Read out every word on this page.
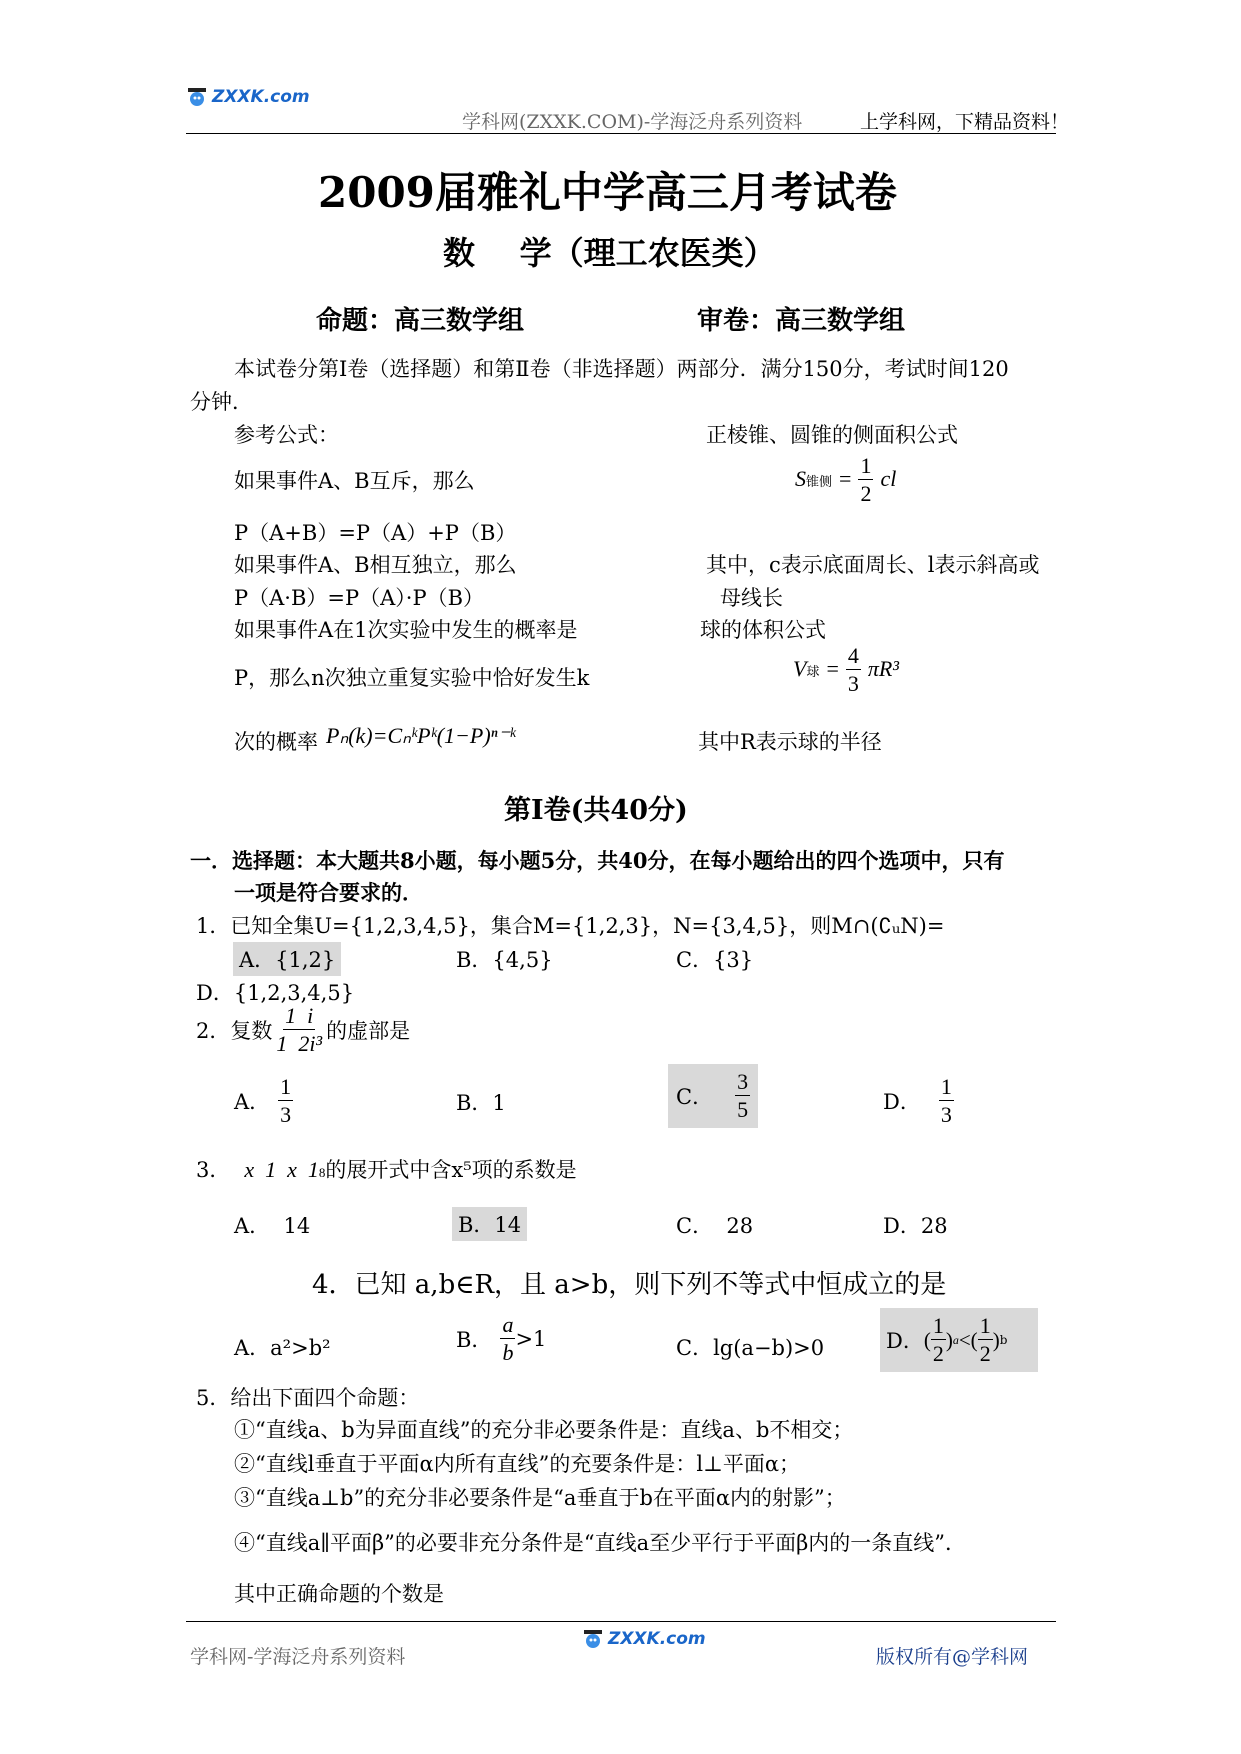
ZXXK.com
学科网(ZXXK.COM)-学海泛舟系列资料	上学科网，下精品资料！
2009届雅礼中学高三月考试卷
数    学（理工农医类）
命题：高三数学组	审卷：高三数学组
本试卷分第Ⅰ卷（选择题）和第Ⅱ卷（非选择题）两部分．满分150分，考试时间120
分钟．
参考公式：	正棱锥、圆锥的侧面积公式
如果事件A、B互斥，那么	S锥侧 = $\frac{1}{2}$ cl
P（A+B）=P（A）+P（B）
如果事件A、B相互独立，那么	其中，c表示底面周长、l表示斜高或
P（A·B）=P（A）·P（B）	母线长
如果事件A在1次实验中发生的概率是	球的体积公式
P，那么n次独立重复实验中恰好发生k	V球 = $\frac{4}{3} \pi R^3$
次的概率 Pₙ(k)=CₙᵏPᵏ(1−P)ⁿ⁻ᵏ	其中R表示球的半径
第Ⅰ卷(共40分)
一．选择题：本大题共8小题，每小题5分，共40分，在每小题给出的四个选项中，只有
一项是符合要求的．
1．已知全集U={1,2,3,4,5}，集合M={1,2,3}，N={3,4,5}，则M∩(∁ᵤN)=
A．{1,2}	B．{4,5}	C．{3}
D．{1,2,3,4,5}
2．复数 $\frac{1 i}{\text{1  2i³}}$ 的虚部是
A． $\frac{1}{3}$	B．1	C． $\frac{3}{5}$	D． $\frac{1}{3}$
3． x  1  x  1 8 的展开式中含x⁵项的系数是
A．  14	B．14	C．  28	D．28
4．已知 a,b∈R，且 a>b，则下列不等式中恒成立的是
A．a²>b²	B． $\frac{a}{b} >1$	C．lg(a−b)>0	D． ( $\frac{1}{2}$ ) a <( $\frac{1}{2}$ ) b
5．给出下面四个命题：
①“直线a、b为异面直线”的充分非必要条件是：直线a、b不相交；
②“直线l垂直于平面α内所有直线”的充要条件是：l⊥平面α；
③“直线a⊥b”的充分非必要条件是“a垂直于b在平面α内的射影”；
④“直线a∥平面β”的必要非充分条件是“直线a至少平行于平面β内的一条直线”．
其中正确命题的个数是
学科网-学海泛舟系列资料
ZXXK.com
版权所有@学科网
